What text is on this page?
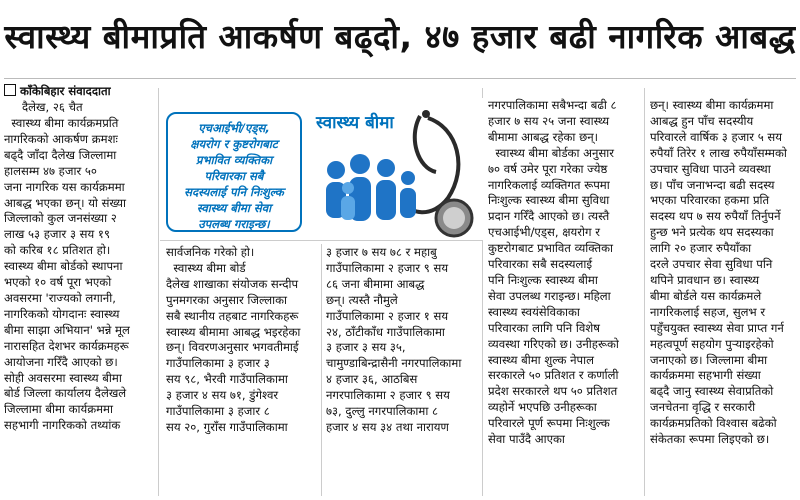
स्वास्थ्य बीमाप्रति आकर्षण बढ्दो, ४७ हजार बढी नागरिक आबद्ध
काँकेबिहार संवाददाता
दैलेख, २६ चैत
स्वास्थ्य बीमा कार्यक्रमप्रति
नागरिकको आकर्षण क्रमशः
बढ्दै जाँदा दैलेख जिल्लामा
हालसम्म ४७ हजार ५०
जना नागरिक यस कार्यक्रममा
आबद्ध भएका छन्। यो संख्या
जिल्लाको कुल जनसंख्या २
लाख ५३ हजार ३ सय १९
को करिब १८ प्रतिशत हो।
स्वास्थ्य बीमा बोर्डको स्थापना
भएको १० वर्ष पूरा भएको
अवसरमा 'राज्यको लगानी,
नागरिकको योगदानः स्वास्थ्य
बीमा साझा अभियान' भन्ने मूल
नारासहित देशभर कार्यक्रमहरू
आयोजना गरिँदै आएको छ।
सोही अवसरमा स्वास्थ्य बीमा
बोर्ड जिल्ला कार्यालय दैलेखले
जिल्लामा बीमा कार्यक्रममा
सहभागी नागरिकको तथ्यांक
एचआईभी/एड्स,
क्षयरोग र कुष्टरोगबाट
प्रभावित व्यक्तिका
परिवारका सबै
सदस्यलाई पनि निःशुल्क
स्वास्थ्य बीमा सेवा
उपलब्ध गराइन्छ।
स्वास्थ्य बीमा
सार्वजनिक गरेको हो।
स्वास्थ्य बीमा बोर्ड
दैलेख शाखाका संयोजक सन्दीप
पुनमगरका अनुसार जिल्लाका
सबै स्थानीय तहबाट नागरिकहरू
स्वास्थ्य बीमामा आबद्ध भइरहेका
छन्। विवरणअनुसार भगवतीमाई
गाउँपालिकामा ३ हजार ३
सय ९८, भैरवी गाउँपालिकामा
३ हजार ४ सय ७१, डुंगेश्वर
गाउँपालिकामा ३ हजार ८
सय २०, गुराँस गाउँपालिकामा
३ हजार ७ सय ७८ र महाबु
गाउँपालिकामा २ हजार ९ सय
८६ जना बीमामा आबद्ध
छन्। त्यस्तै नौमुले
गाउँपालिकामा २ हजार १ सय
२४, ठाँटीकाँध गाउँपालिकामा
३ हजार ३ सय ३५,
चामुण्डाबिन्द्रासैनी नगरपालिकामा
४ हजार ३६, आठबिस
नगरपालिकामा २ हजार ९ सय
७३, दुल्लु नगरपालिकामा ८
हजार ४ सय ३४ तथा नारायण
नगरपालिकामा सबैभन्दा बढी ८
हजार ७ सय २५ जना स्वास्थ्य
बीमामा आबद्ध रहेका छन्।
स्वास्थ्य बीमा बोर्डका अनुसार
७० वर्ष उमेर पूरा गरेका ज्येष्ठ
नागरिकलाई व्यक्तिगत रूपमा
निःशुल्क स्वास्थ्य बीमा सुविधा
प्रदान गरिँदै आएको छ। त्यस्तै
एचआईभी/एड्स, क्षयरोग र
कुष्टरोगबाट प्रभावित व्यक्तिका
परिवारका सबै सदस्यलाई
पनि निःशुल्क स्वास्थ्य बीमा
सेवा उपलब्ध गराइन्छ। महिला
स्वास्थ्य स्वयंसेविकाका
परिवारका लागि पनि विशेष
व्यवस्था गरिएको छ। उनीहरूको
स्वास्थ्य बीमा शुल्क नेपाल
सरकारले ५० प्रतिशत र कर्णाली
प्रदेश सरकारले थप ५० प्रतिशत
व्यहोर्ने भएपछि उनीहरूका
परिवारले पूर्ण रूपमा निःशुल्क
सेवा पाउँदै आएका
छन्। स्वास्थ्य बीमा कार्यक्रममा
आबद्ध हुन पाँच सदस्यीय
परिवारले वार्षिक ३ हजार ५ सय
रुपैयाँ तिरेर १ लाख रुपैयाँसम्मको
उपचार सुविधा पाउने व्यवस्था
छ। पाँच जनाभन्दा बढी सदस्य
भएका परिवारका हकमा प्रति
सदस्य थप ७ सय रुपैयाँ तिर्नुपर्ने
हुन्छ भने प्रत्येक थप सदस्यका
लागि २० हजार रुपैयाँका
दरले उपचार सेवा सुविधा पनि
थपिने प्रावधान छ। स्वास्थ्य
बीमा बोर्डले यस कार्यक्रमले
नागरिकलाई सहज, सुलभ र
पहुँचयुक्त स्वास्थ्य सेवा प्राप्त गर्न
महत्वपूर्ण सहयोग पुऱ्याइरहेको
जनाएको छ। जिल्लामा बीमा
कार्यक्रममा सहभागी संख्या
बढ्दै जानु स्वास्थ्य सेवाप्रतिको
जनचेतना वृद्धि र सरकारी
कार्यक्रमप्रतिको विश्वास बढेको
संकेतका रूपमा लिइएको छ।
